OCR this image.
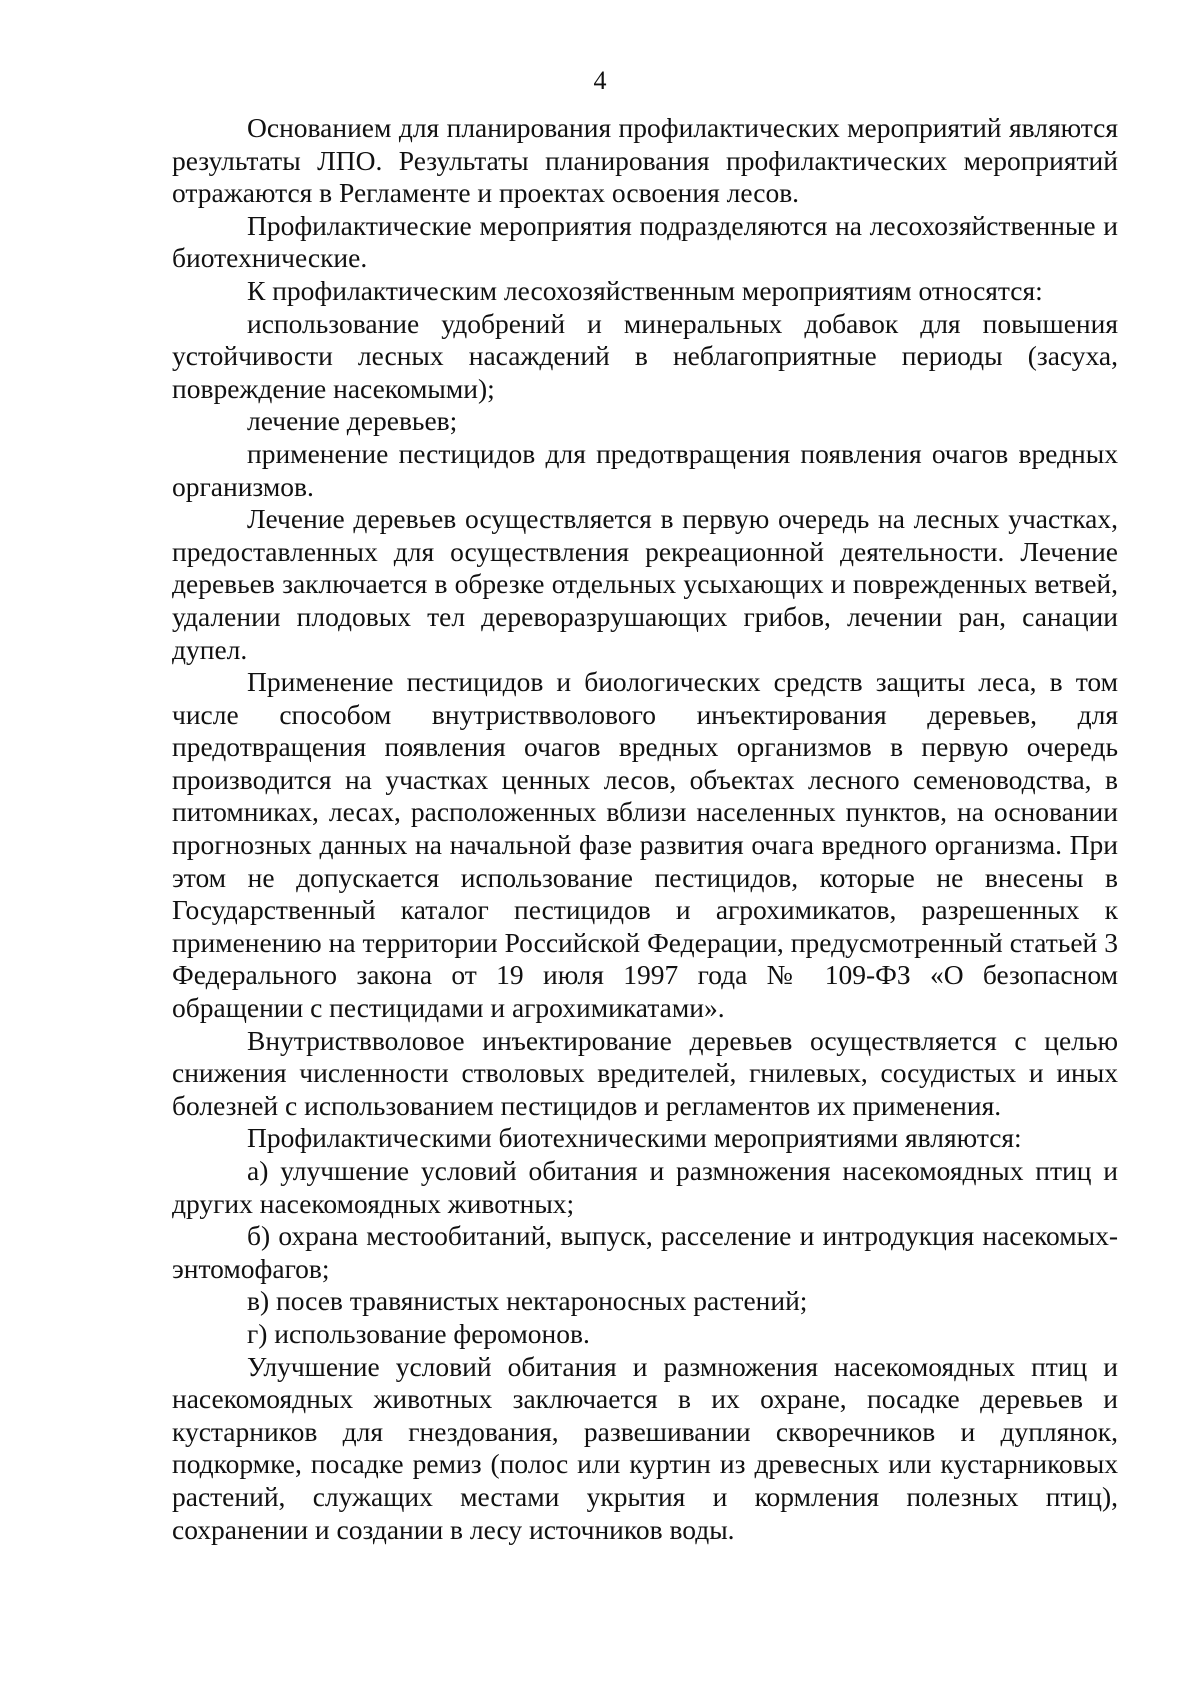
4

Основанием для планирования профилактических мероприятий являются результаты ЛПО. Результаты планирования профилактических мероприятий отражаются в Регламенте и проектах освоения лесов.

Профилактические мероприятия подразделяются на лесохозяйственные и биотехнические.

К профилактическим лесохозяйственным мероприятиям относятся:

использование удобрений и минеральных добавок для повышения устойчивости лесных насаждений в неблагоприятные периоды (засуха, повреждение насекомыми);

лечение деревьев;

применение пестицидов для предотвращения появления очагов вредных организмов.

Лечение деревьев осуществляется в первую очередь на лесных участках, предоставленных для осуществления рекреационной деятельности. Лечение деревьев заключается в обрезке отдельных усыхающих и поврежденных ветвей, удалении плодовых тел дереворазрушающих грибов, лечении ран, санации дупел.

Применение пестицидов и биологических средств защиты леса, в том числе способом внутриствволового инъектирования деревьев, для предотвращения появления очагов вредных организмов в первую очередь производится на участках ценных лесов, объектах лесного семеноводства, в питомниках, лесах, расположенных вблизи населенных пунктов, на основании прогнозных данных на начальной фазе развития очага вредного организма. При этом не допускается использование пестицидов, которые не внесены в Государственный каталог пестицидов и агрохимикатов, разрешенных к применению на территории Российской Федерации, предусмотренный статьей 3 Федерального закона от 19 июля 1997 года № 109-ФЗ «О безопасном обращении с пестицидами и агрохимикатами».

Внутриствволовое инъектирование деревьев осуществляется с целью снижения численности стволовых вредителей, гнилевых, сосудистых и иных болезней с использованием пестицидов и регламентов их применения.

Профилактическими биотехническими мероприятиями являются:

а) улучшение условий обитания и размножения насекомоядных птиц и других насекомоядных животных;

б) охрана местообитаний, выпуск, расселение и интродукция насекомых-энтомофагов;

в) посев травянистых нектароносных растений;

г) использование феромонов.

Улучшение условий обитания и размножения насекомоядных птиц и насекомоядных животных заключается в их охране, посадке деревьев и кустарников для гнездования, развешивании скворечников и дуплянок, подкормке, посадке ремиз (полос или куртин из древесных или кустарниковых растений, служащих местами укрытия и кормления полезных птиц), сохранении и создании в лесу источников воды.
